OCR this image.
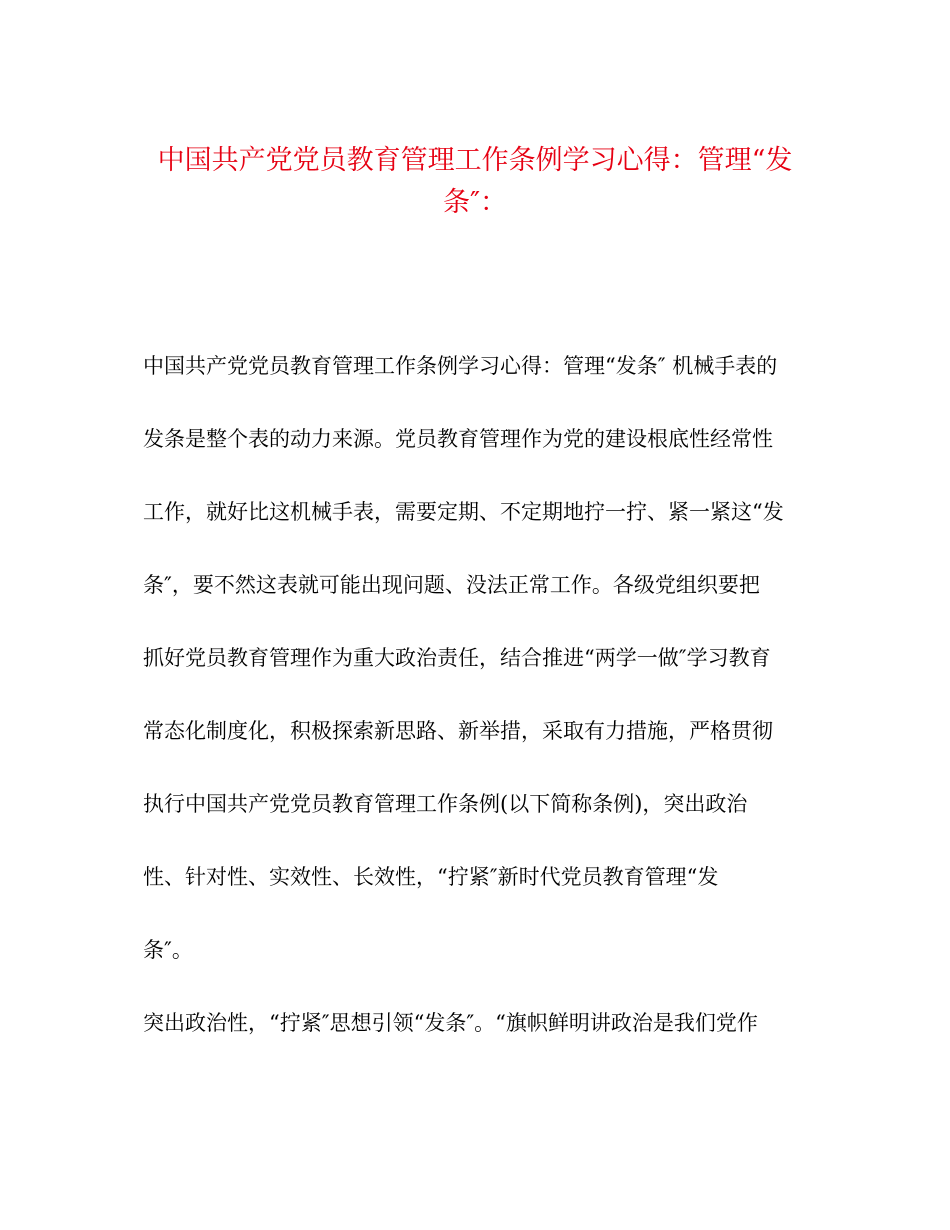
中国共产党党员教育管理工作条例学习心得：管理“发
条″：
中国共产党党员教育管理工作条例学习心得：管理“发条″ 机械手表的
发条是整个表的动力来源。党员教育管理作为党的建设根底性经常性
工作，就好比这机械手表，需要定期、不定期地拧一拧、紧一紧这“发
条″，要不然这表就可能出现问题、没法正常工作。各级党组织要把
抓好党员教育管理作为重大政治责任，结合推进“两学一做″学习教育
常态化制度化，积极探索新思路、新举措，采取有力措施，严格贯彻
执行中国共产党党员教育管理工作条例(以下简称条例)，突出政治
性、针对性、实效性、长效性，“拧紧″新时代党员教育管理“发
条″。
突出政治性，“拧紧″思想引领“发条″。“旗帜鲜明讲政治是我们党作
